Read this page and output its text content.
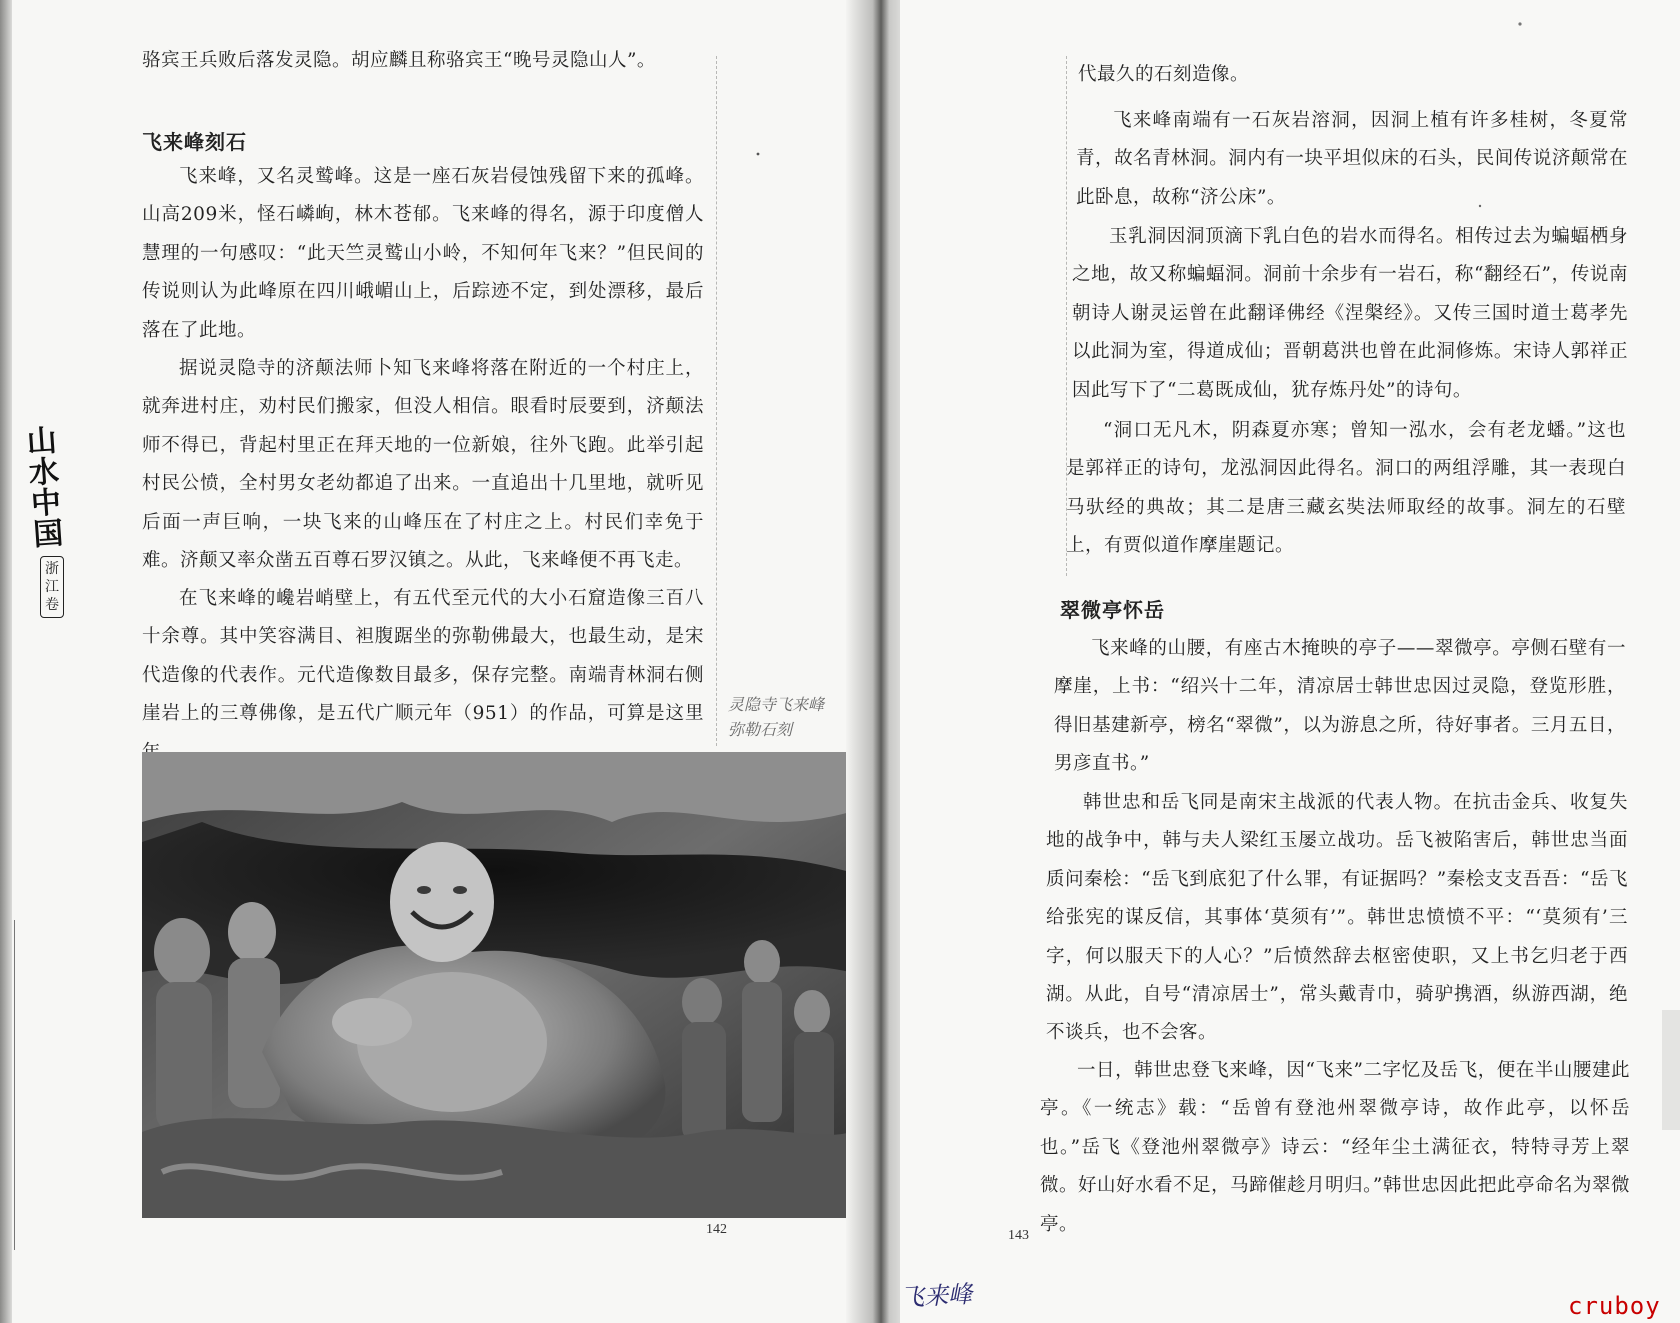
骆宾王兵败后落发灵隐。胡应麟且称骆宾王“晚号灵隐山人”。

飞来峰刻石

飞来峰，又名灵鹫峰。这是一座石灰岩侵蚀残留下来的孤峰。山高209米，怪石嶙峋，林木苍郁。飞来峰的得名，源于印度僧人慧理的一句感叹：“此天竺灵鹫山小岭，不知何年飞来？”但民间的传说则认为此峰原在四川峨嵋山上，后踪迹不定，到处漂移，最后落在了此地。

据说灵隐寺的济颠法师卜知飞来峰将落在附近的一个村庄上，就奔进村庄，劝村民们搬家，但没人相信。眼看时辰要到，济颠法师不得已，背起村里正在拜天地的一位新娘，往外飞跑。此举引起村民公愤，全村男女老幼都追了出来。一直追出十几里地，就听见后面一声巨响，一块飞来的山峰压在了村庄之上。村民们幸免于难。济颠又率众凿五百尊石罗汉镇之。从此，飞来峰便不再飞走。

在飞来峰的巉岩峭壁上，有五代至元代的大小石窟造像三百八十余尊。其中笑容满目、袒腹踞坐的弥勒佛最大，也最生动，是宋代造像的代表作。元代造像数目最多，保存完整。南端青林洞右侧崖岩上的三尊佛像，是五代广顺元年（951）的作品，可算是这里 灵隐寺飞来峰
弥勒石刻
142
山水中国
浙江卷

代最久的石刻造像。

飞来峰南端有一石灰岩溶洞，因洞上植有许多桂树，冬夏常青，故名青林洞。洞内有一块平坦似床的石头，民间传说济颠常在此卧息，故称“济公床”。

玉乳洞因洞顶滴下乳白色的岩水而得名。相传过去为蝙蝠栖身之地，故又称蝙蝠洞。洞前十余步有一岩石，称“翻经石”，传说南朝诗人谢灵运曾在此翻译佛经《涅槃经》。又传三国时道士葛孝先以此洞为室，得道成仙；晋朝葛洪也曾在此洞修炼。宋诗人郭祥正因此写下了“二葛既成仙，犹存炼丹处”的诗句。

“洞口无凡木，阴森夏亦寒；曾知一泓水，会有老龙蟠。”这也是郭祥正的诗句，龙泓洞因此得名。洞口的两组浮雕，其一表现白马驮经的典故；其二是唐三藏玄奘法师取经的故事。洞左的石壁上，有贾似道作摩崖题记。

翠微亭怀岳

飞来峰的山腰，有座古木掩映的亭子——翠微亭。亭侧石壁有一摩崖，上书：“绍兴十二年，清凉居士韩世忠因过灵隐，登览形胜，得旧基建新亭，榜名“翠微”，以为游息之所，待好事者。三月五日，男彦直书。”

韩世忠和岳飞同是南宋主战派的代表人物。在抗击金兵、收复失地的战争中，韩与夫人梁红玉屡立战功。岳飞被陷害后，韩世忠当面质问秦桧：“岳飞到底犯了什么罪，有证据吗？”秦桧支支吾吾：“岳飞给张宪的谋反信，其事体‘莫须有’”。韩世忠愤愤不平：“‘莫须有’三字，何以服天下的人心？”后愤然辞去枢密使职，又上书乞归老于西湖。从此，自号“清凉居士”，常头戴青巾，骑驴携酒，纵游西湖，绝不谈兵，也不会客。

一日，韩世忠登飞来峰，因“飞来”二字忆及岳飞，便在半山腰建此亭。《一统志》载：“岳曾有登池州翠微亭诗，故作此亭，以怀岳也。”岳飞《登池州翠微亭》诗云：“经年尘土满征衣，特特寻芳上翠微。好山好水看不足，马蹄催趁月明归。”韩世忠因此把此亭命名为翠微亭。

143
飞来峰	cruboy
